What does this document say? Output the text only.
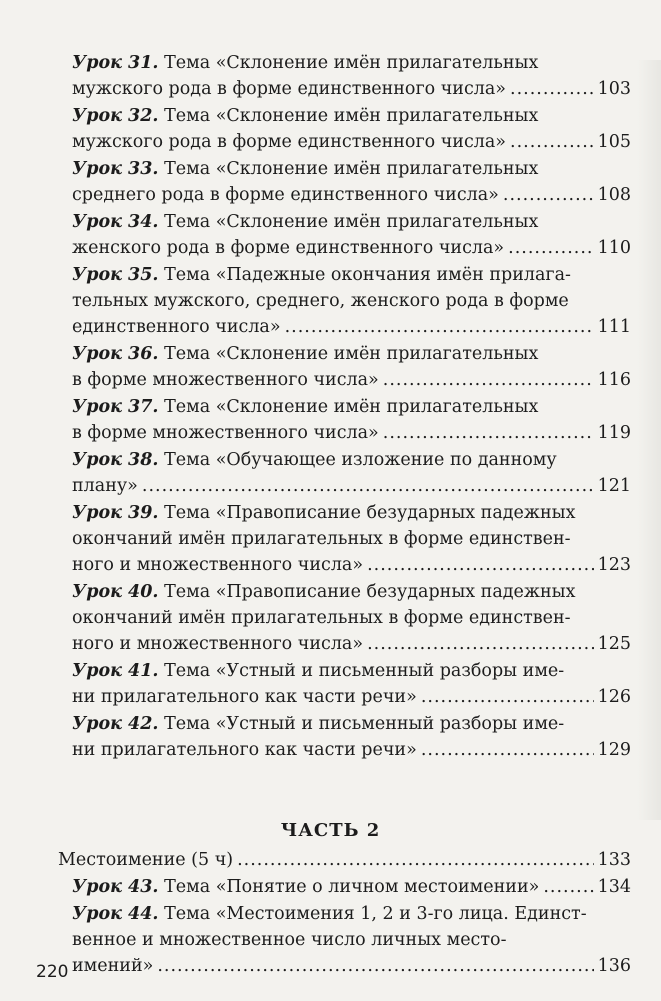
Урок 31. Тема «Склонение имён прилагательных
мужского рода в форме единственного числа» .....	103
Урок 32. Тема «Склонение имён прилагательных
мужского рода в форме единственного числа» .....	105
Урок 33. Тема «Склонение имён прилагательных
среднего рода в форме единственного числа» .....	108
Урок 34. Тема «Склонение имён прилагательных
женского рода в форме единственного числа» .....	110
Урок 35. Тема «Падежные окончания имён прилага-
тельных мужского, среднего, женского рода в форме
единственного числа» .....	111
Урок 36. Тема «Склонение имён прилагательных
в форме множественного числа» .....	116
Урок 37. Тема «Склонение имён прилагательных
в форме множественного числа» .....	119
Урок 38. Тема «Обучающее изложение по данному
плану» .....	121
Урок 39. Тема «Правописание безударных падежных
окончаний имён прилагательных в форме единствен-
ного и множественного числа» .....	123
Урок 40. Тема «Правописание безударных падежных
окончаний имён прилагательных в форме единствен-
ного и множественного числа» .....	125
Урок 41. Тема «Устный и письменный разборы име-
ни прилагательного как части речи» .....	126
Урок 42. Тема «Устный и письменный разборы име-
ни прилагательного как части речи» .....	129
ЧАСТЬ 2
Местоимение (5 ч) .....	133
Урок 43. Тема «Понятие о личном местоимении» .....	134
Урок 44. Тема «Местоимения 1, 2 и 3-го лица. Единст-
венное и множественное число личных место-
имений» .....	136
220
